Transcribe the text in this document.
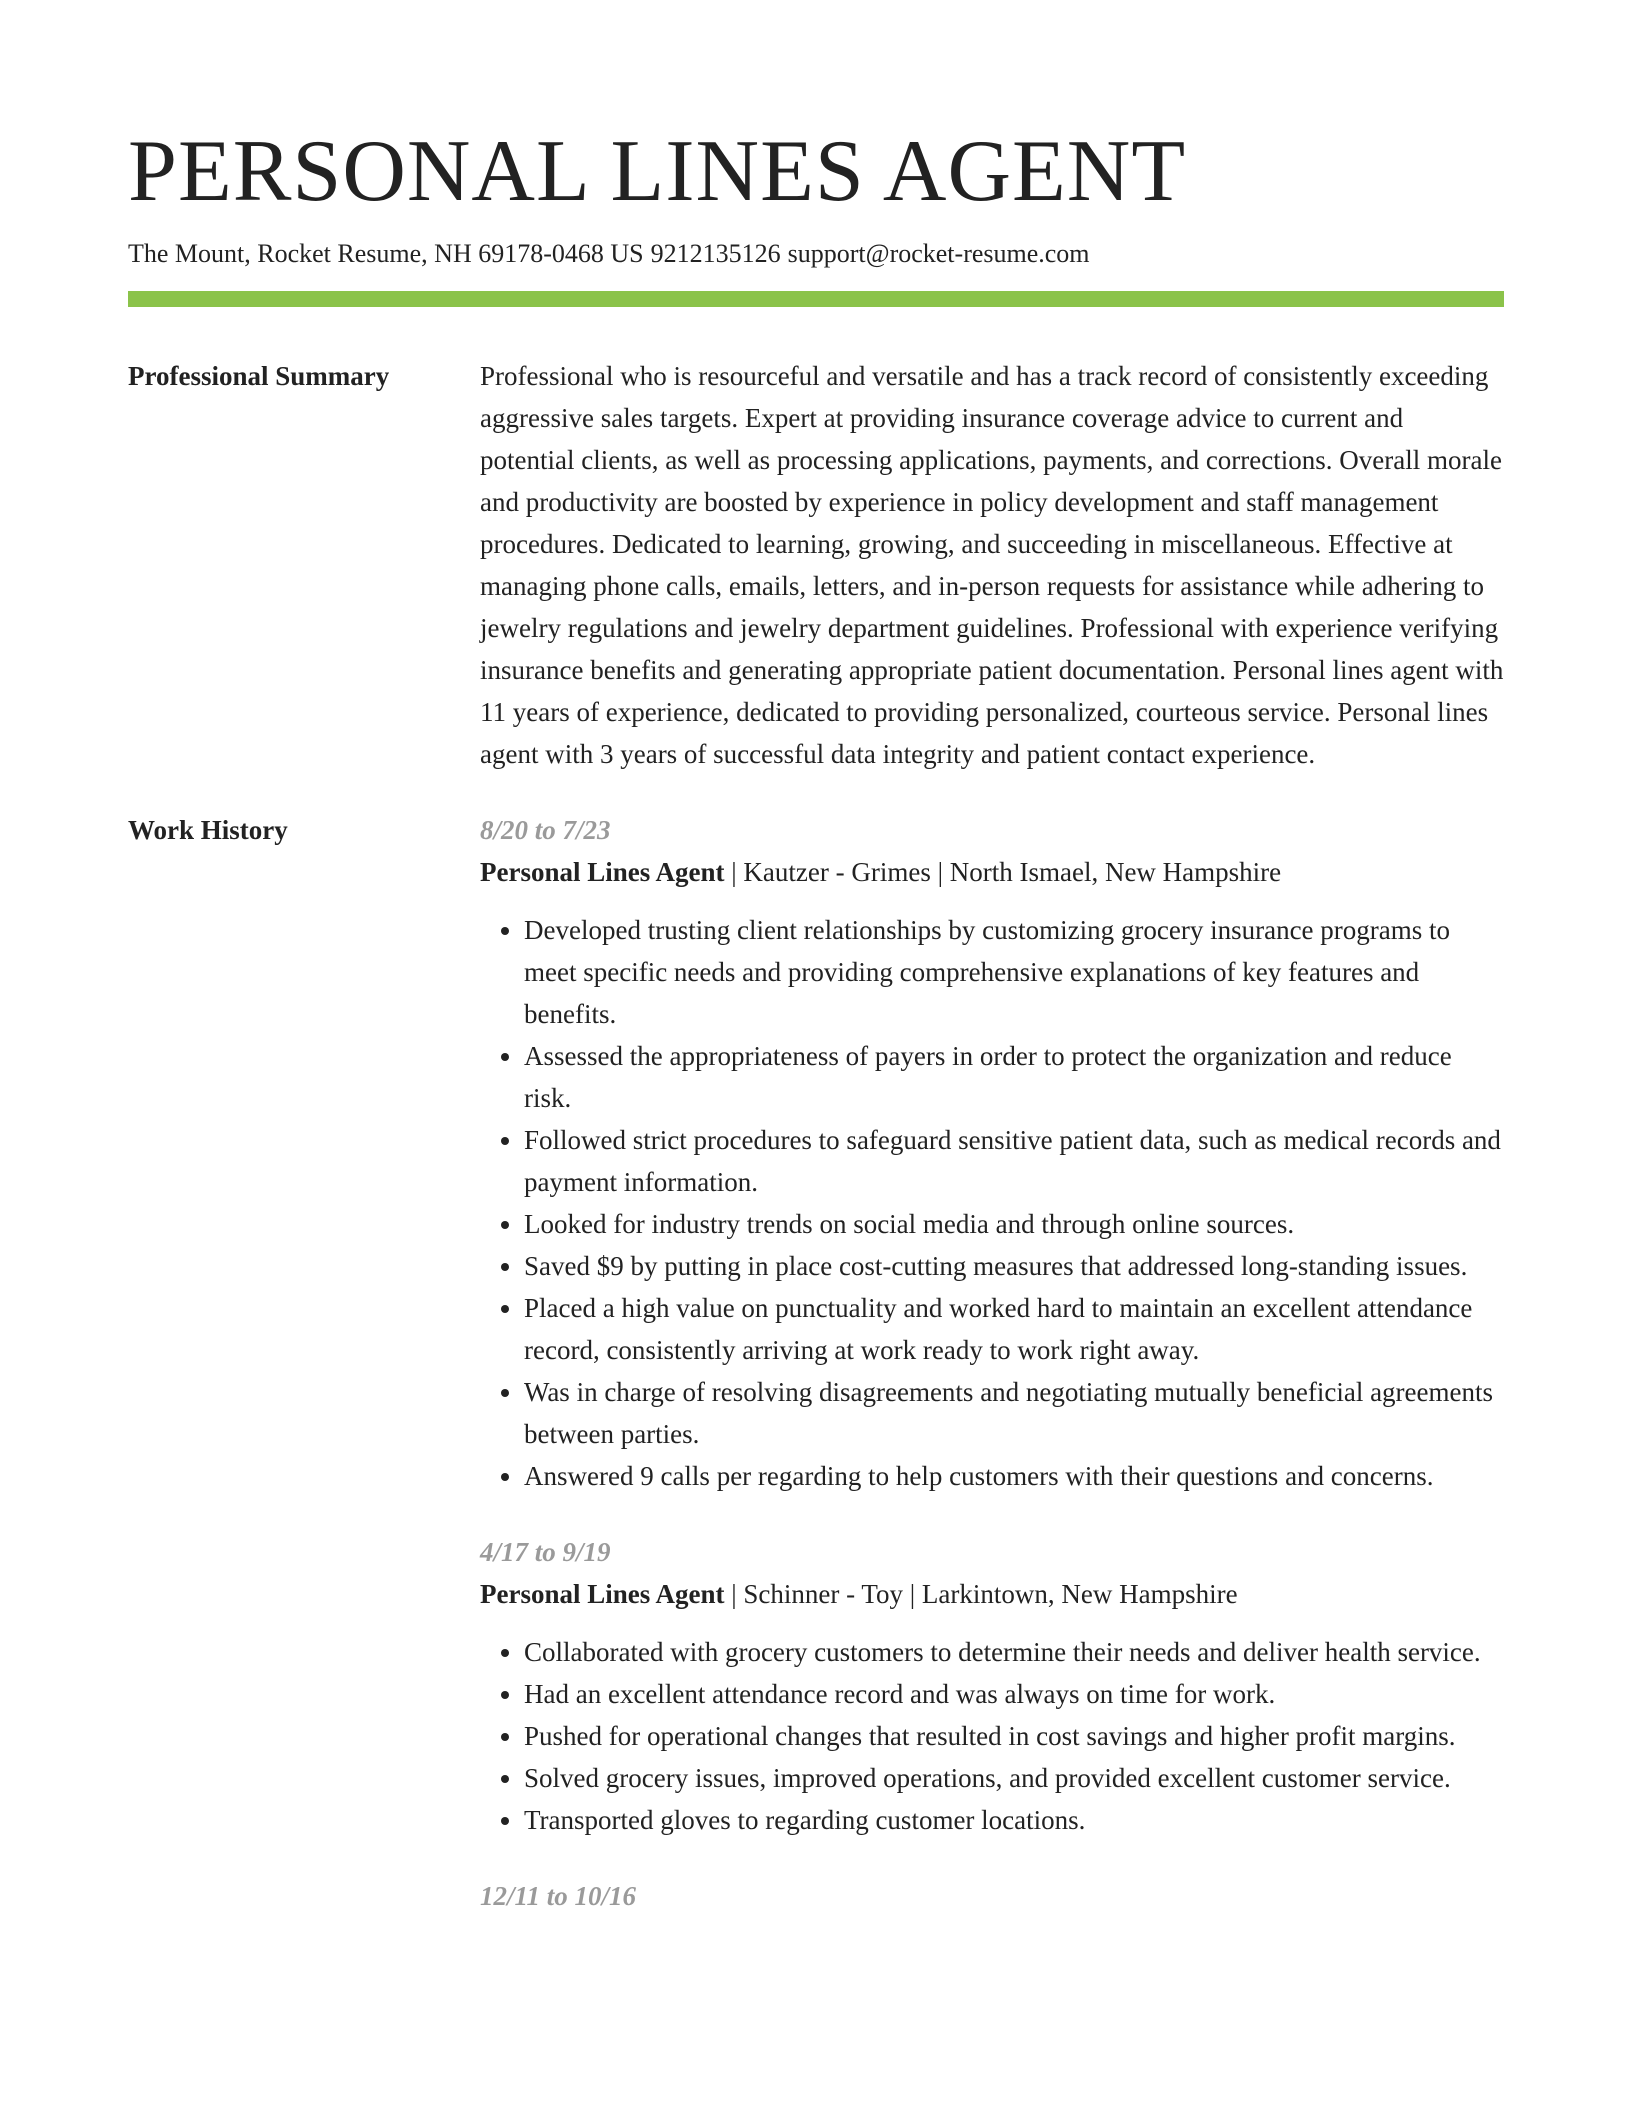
PERSONAL LINES AGENT
The Mount, Rocket Resume, NH 69178-0468 US 9212135126 support@rocket-resume.com
Professional Summary	Professional who is resourceful and versatile and has a track record of consistently exceeding aggressive sales targets. Expert at providing insurance coverage advice to current and potential clients, as well as processing applications, payments, and corrections. Overall morale and productivity are boosted by experience in policy development and staff management procedures. Dedicated to learning, growing, and succeeding in miscellaneous. Effective at managing phone calls, emails, letters, and in-person requests for assistance while adhering to jewelry regulations and jewelry department guidelines. Professional with experience verifying insurance benefits and generating appropriate patient documentation. Personal lines agent with 11 years of experience, dedicated to providing personalized, courteous service. Personal lines agent with 3 years of successful data integrity and patient contact experience.

Work History	8/20 to 7/23
Personal Lines Agent | Kautzer - Grimes | North Ismael, New Hampshire
• Developed trusting client relationships by customizing grocery insurance programs to meet specific needs and providing comprehensive explanations of key features and benefits.
• Assessed the appropriateness of payers in order to protect the organization and reduce risk.
• Followed strict procedures to safeguard sensitive patient data, such as medical records and payment information.
• Looked for industry trends on social media and through online sources.
• Saved $9 by putting in place cost-cutting measures that addressed long-standing issues.
• Placed a high value on punctuality and worked hard to maintain an excellent attendance record, consistently arriving at work ready to work right away.
• Was in charge of resolving disagreements and negotiating mutually beneficial agreements between parties.
• Answered 9 calls per regarding to help customers with their questions and concerns.
4/17 to 9/19
Personal Lines Agent | Schinner - Toy | Larkintown, New Hampshire
• Collaborated with grocery customers to determine their needs and deliver health service.
• Had an excellent attendance record and was always on time for work.
• Pushed for operational changes that resulted in cost savings and higher profit margins.
• Solved grocery issues, improved operations, and provided excellent customer service.
• Transported gloves to regarding customer locations.
12/11 to 10/16
